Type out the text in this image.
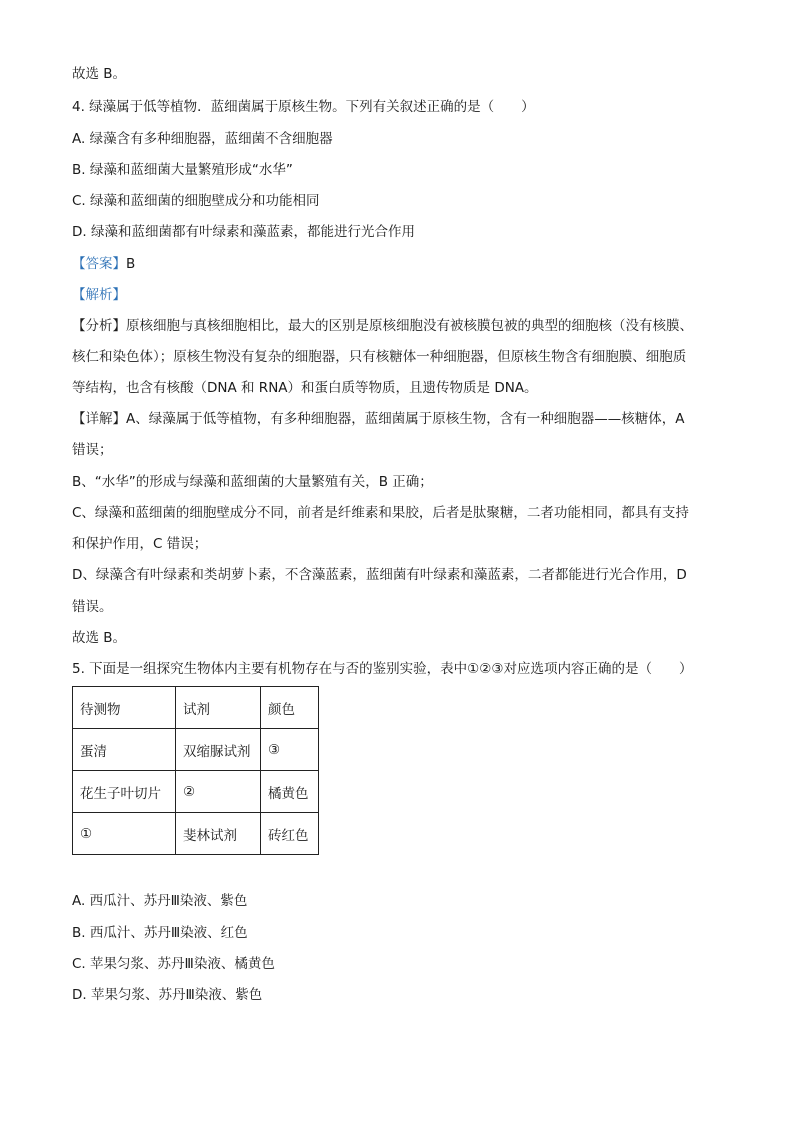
故选 B。
4. 绿藻属于低等植物．蓝细菌属于原核生物。下列有关叙述正确的是（　　）
A. 绿藻含有多种细胞器，蓝细菌不含细胞器
B. 绿藻和蓝细菌大量繁殖形成“水华”
C. 绿藻和蓝细菌的细胞壁成分和功能相同
D. 绿藻和蓝细菌都有叶绿素和藻蓝素，都能进行光合作用
【答案】B
【解析】
【分析】原核细胞与真核细胞相比，最大的区别是原核细胞没有被核膜包被的典型的细胞核（没有核膜、
核仁和染色体）；原核生物没有复杂的细胞器，只有核糖体一种细胞器，但原核生物含有细胞膜、细胞质
等结构，也含有核酸（DNA 和 RNA）和蛋白质等物质，且遗传物质是 DNA。
【详解】A、绿藻属于低等植物，有多种细胞器，蓝细菌属于原核生物，含有一种细胞器——核糖体，A
错误；
B、“水华”的形成与绿藻和蓝细菌的大量繁殖有关，B 正确；
C、绿藻和蓝细菌的细胞壁成分不同，前者是纤维素和果胶，后者是肽聚糖，二者功能相同，都具有支持
和保护作用，C 错误；
D、绿藻含有叶绿素和类胡萝卜素，不含藻蓝素，蓝细菌有叶绿素和藻蓝素，二者都能进行光合作用，D
错误。
故选 B。
5. 下面是一组探究生物体内主要有机物存在与否的鉴别实验，表中①②③对应选项内容正确的是（　　）
待测物	试剂	颜色
蛋清	双缩脲试剂	③
花生子叶切片	②	橘黄色
①	斐林试剂	砖红色
A. 西瓜汁、苏丹Ⅲ染液、紫色
B. 西瓜汁、苏丹Ⅲ染液、红色
C. 苹果匀浆、苏丹Ⅲ染液、橘黄色
D. 苹果匀浆、苏丹Ⅲ染液、紫色
